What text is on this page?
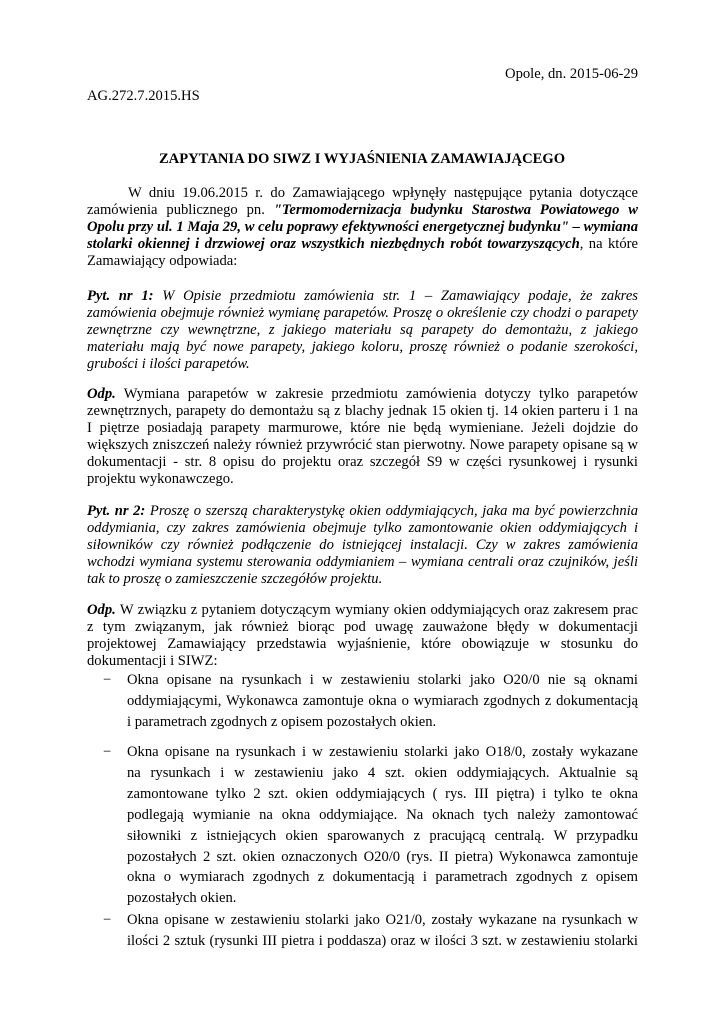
Opole, dn. 2015-06-29
AG.272.7.2015.HS
ZAPYTANIA DO SIWZ I WYJAŚNIENIA ZAMAWIAJĄCEGO
W dniu 19.06.2015 r. do Zamawiającego wpłynęły następujące pytania dotyczące
zamówienia publicznego pn. "Termomodernizacja budynku Starostwa Powiatowego w
Opolu przy ul. 1 Maja 29, w celu poprawy efektywności energetycznej budynku" – wymiana
stolarki okiennej i drzwiowej oraz wszystkich niezbędnych robót towarzyszących, na które
Zamawiający odpowiada:
Pyt. nr 1: W Opisie przedmiotu zamówienia str. 1 – Zamawiający podaje, że zakres
zamówienia obejmuje również wymianę parapetów. Proszę o określenie czy chodzi o parapety
zewnętrzne czy wewnętrzne, z jakiego materiału są parapety do demontażu, z jakiego
materiału mają być nowe parapety, jakiego koloru, proszę również o podanie szerokości,
grubości i ilości parapetów.
Odp. Wymiana parapetów w zakresie przedmiotu zamówienia dotyczy tylko parapetów
zewnętrznych, parapety do demontażu są z blachy jednak 15 okien tj. 14 okien parteru i 1 na
I piętrze posiadają parapety marmurowe, które nie będą wymieniane. Jeżeli dojdzie do
większych zniszczeń należy również przywrócić stan pierwotny. Nowe parapety opisane są w
dokumentacji - str. 8 opisu do projektu oraz szczegół S9 w części rysunkowej i rysunki
projektu wykonawczego.
Pyt. nr 2: Proszę o szerszą charakterystykę okien oddymiających, jaka ma być powierzchnia
oddymiania, czy zakres zamówienia obejmuje tylko zamontowanie okien oddymiających i
siłowników czy również podłączenie do istniejącej instalacji. Czy w zakres zamówienia
wchodzi wymiana systemu sterowania oddymianiem – wymiana centrali oraz czujników, jeśli
tak to proszę o zamieszczenie szczegółów projektu.
Odp. W związku z pytaniem dotyczącym wymiany okien oddymiających oraz zakresem prac
z tym związanym, jak również biorąc pod uwagę zauważone błędy w dokumentacji
projektowej Zamawiający przedstawia wyjaśnienie, które obowiązuje w stosunku do
dokumentacji i SIWZ:
− Okna opisane na rysunkach i w zestawieniu stolarki jako O20/0 nie są oknami
oddymiającymi, Wykonawca zamontuje okna o wymiarach zgodnych z dokumentacją
i parametrach zgodnych z opisem pozostałych okien.
− Okna opisane na rysunkach i w zestawieniu stolarki jako O18/0, zostały wykazane
na rysunkach i w zestawieniu jako 4 szt. okien oddymiających. Aktualnie są
zamontowane tylko 2 szt. okien oddymiających ( rys. III piętra) i tylko te okna
podlegają wymianie na okna oddymiające. Na oknach tych należy zamontować
siłowniki z istniejących okien sparowanych z pracującą centralą. W przypadku
pozostałych 2 szt. okien oznaczonych O20/0 (rys. II pietra) Wykonawca zamontuje
okna o wymiarach zgodnych z dokumentacją i parametrach zgodnych z opisem
pozostałych okien.
− Okna opisane w zestawieniu stolarki jako O21/0, zostały wykazane na rysunkach w
ilości 2 sztuk (rysunki III pietra i poddasza) oraz w ilości 3 szt. w zestawieniu stolarki
